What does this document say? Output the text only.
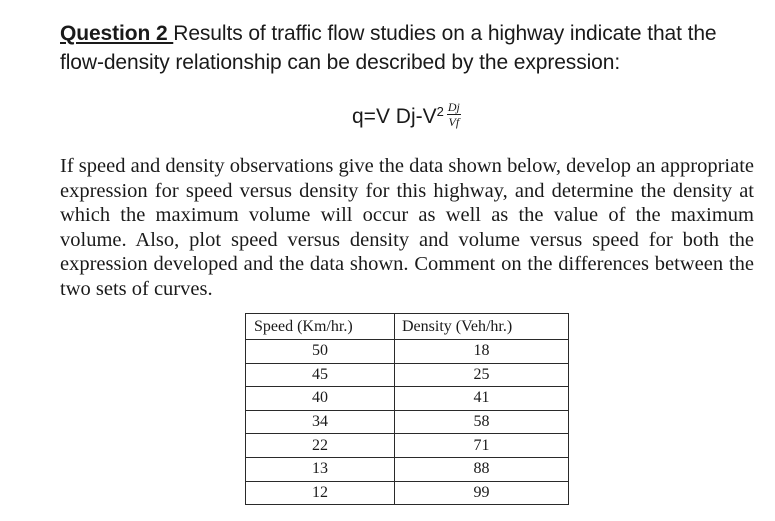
Question 2 Results of traffic flow studies on a highway indicate that the flow-density relationship can be described by the expression:
q=V $Dj-V^2 \frac{Dj}{Vf}$
If speed and density observations give the data shown below, develop an appropriate expression for speed versus density for this highway, and determine the density at which the maximum volume will occur as well as the value of the maximum volume. Also, plot speed versus density and volume versus speed for both the expression developed and the data shown. Comment on the differences between the two sets of curves.
Speed (Km/hr.)	Density (Veh/hr.)
50	18
45	25
40	41
34	58
22	71
13	88
12	99
